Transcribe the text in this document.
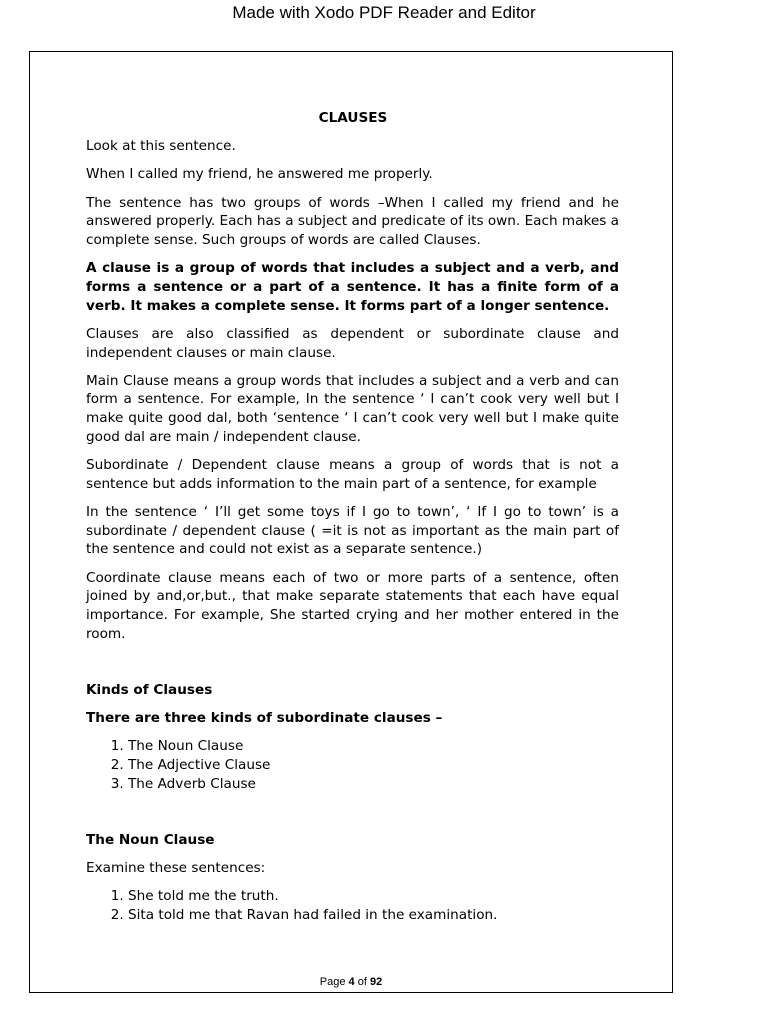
Made with Xodo PDF Reader and Editor
CLAUSES

Look at this sentence.

When I called my friend, he answered me properly.

The sentence has two groups of words –When I called my friend and he answered properly. Each has a subject and predicate of its own. Each makes a complete sense. Such groups of words are called Clauses.

A clause is a group of words that includes a subject and a verb, and forms a sentence or a part of a sentence. It has a finite form of a verb. It makes a complete sense. It forms part of a longer sentence.

Clauses are also classified as dependent or subordinate clause and independent clauses or main clause.

Main Clause means a group words that includes a subject and a verb and can form a sentence. For example, In the sentence ‘ I can’t cook very well but I make quite good dal, both ‘sentence ‘ I can’t cook very well but I make quite good dal are main / independent clause.

Subordinate / Dependent clause means a group of words that is not a sentence but adds information to the main part of a sentence, for example

In the sentence ‘ I’ll get some toys if I go to town’, ‘ If I go to town’ is a subordinate / dependent clause ( =it is not as important as the main part of the sentence and could not exist as a separate sentence.)

Coordinate clause means each of two or more parts of a sentence, often joined by and,or,but., that make separate statements that each have equal importance. For example, She started crying and her mother entered in the room.

Kinds of Clauses

There are three kinds of subordinate clauses –

1. The Noun Clause
2. The Adjective Clause
3. The Adverb Clause

The Noun Clause

Examine these sentences:

1. She told me the truth.
2. Sita told me that Ravan had failed in the examination.
Page 4 of 92
